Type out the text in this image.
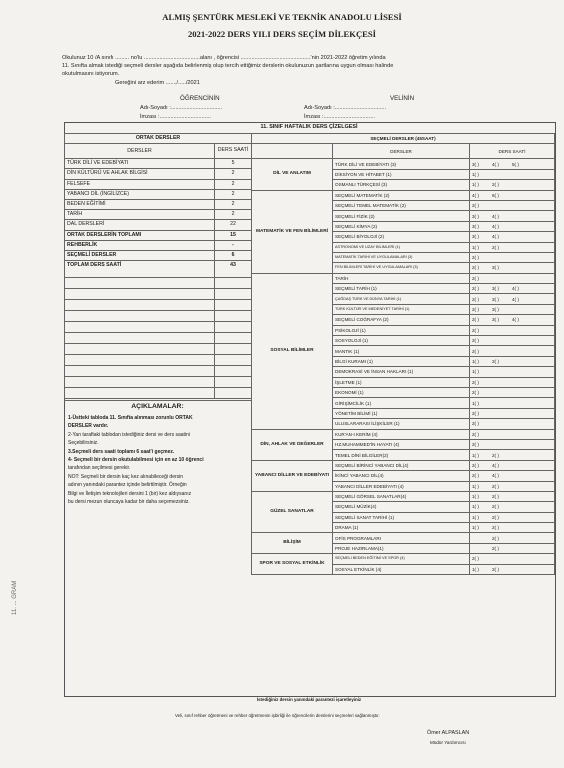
ALMIŞ ŞENTÜRK MESLEKİ VE TEKNİK ANADOLU LİSESİ
2021-2022 DERS YILI DERS SEÇİM DİLEKÇESİ
Okulunuz 10 /A sınıfı ......... no'lu ....................................alanı , öğrencisi .............................................'nin 2021-2022 öğretim yılında
11. Sınıfta almak istediği seçmeli dersler aşağıda belirlenmiş olup tercih ettiğimiz derslerin okulunuzun şartlarına uygun olması halinde
okutulmasını istiyorum.
Gereğini arz ederim ......./...../2021
ÖĞRENCİNİN	VELİNİN
Adı-Soyadı :.................................	Adı-Soyadı :.................................
İmzası :.................................	İmzası :.................................
11. SINIF HAFTALIK DERS ÇİZELGESİ
ORTAK DERSLER	
DERSLER	DERS SAATİ
TÜRK DİLİ VE EDEBİYATI	5
DİN KÜLTÜRÜ VE AHLAK BİLGİSİ	2
FELSEFE	2
YABANCI DİL (İNGİLİZCE)	2
BEDEN EĞİTİMİ	2
TARİH	2
DAL DERSLERİ	22
ORTAK DERSLERİN TOPLAMI	15
REHBERLİK	-
SEÇMELİ DERSLER	6
TOPLAM DERS SAATİ	43

AÇIKLAMALAR:
1-Üstteki tabloda 11. Sınıfta alınması zorunlu ORTAK
DERSLER vardır.
2-Yan taraftaki tablodan istediğiniz dersi ve ders saatini
Seçebilirsiniz.
3.Seçmeli ders saati toplamı 6 saat'i geçmez.
4- Seçmeli bir dersin okutulabilmesi için en az 10 öğrenci
tarafından seçilmesi gerekir.
NOT: Seçmeli bir dersin kaç kez alınabileceği dersin
adının yanındaki parantez içinde belirtilmiştir. Örneğin
Bilgi ve İletişim teknolojileri dersini 1 (bir) kez aldıysanız
bu dersi mezun oluncaya kadar bir daha seçemezsiniz.
SEÇMELİ DERSLER (45SAAT)		
	DERSLER	DERS SAATİ
DİL VE ANLATIM	TÜRK DİLİ VE EDEBİYATI (3)	3( ) 4( ) 5( )
	DİKSİYON VE HİTABET (1)	1( )
	OSMANLI TÜRKÇESİ (3)	1( ) 2( )
MATEMATİK VE FEN BİLİMLERİ	SEÇMELİ MATEMATİK (2)	4( ) 6( )
	SEÇMELİ TEMEL MATEMATİK (2)	2( )
	SEÇMELİ FİZİK (2)	3( ) 4( )
	SEÇMELİ KİMYA (2)	3( ) 4( )
	SEÇMELİ BİYOLOJİ (2)	3( ) 4( )
	ASTRONOMİ VE UZAY BİLİMLERİ (1)	1( ) 2( )
	MATEMATİK TARİHİ VE UYGULAMALARI (3)	2( )
	FEN BİLİMLERİ TARİHİ VE UYGULAMALARI (3)	2( ) 3( )
SOSYAL BİLİMLER	TARİH	2( )
	SEÇMELİ TARİH (1)	2( ) 3( ) 4( )
	ÇAĞDAŞ TÜRK VE DÜNYA TARİHİ (1)	2( ) 3( ) 4( )
	TÜRK KÜLTÜR VE MEDENİYET TARİHİ (1)	2( ) 3( )
	SEÇMELİ COĞRAFYA (2)	2( ) 3( ) 4( )
	PSİKOLOJİ (1)	2( )
	SOSYOLOJİ (1)	2( )
	MANTIK (1)	2( )
	BİLGİ KURAMI (1)	1( ) 2( )
	DEMOKRASİ VE İNSAN HAKLARI (1)	1( )
	İŞLETME (1)	2( )
	EKONOMİ (1)	2( )
	GİRİŞİMCİLİK (1)	1( )
	YÖNETİM BİLİMİ (1)	2( )
	ULUSLARARASI İLİŞKİLER (1)	2( )
DİN, AHLAK VE DEĞERLER	KUR'AN-I KERİM (4)	2( )
	HZ.MUHAMMED'İN HAYATI (4)	2( )
	TEMEL DİNİ BİLGİLER(2)	1( ) 2( )
YABANCI DİLLER VE EDEBİYATI	SEÇMELİ BİRİNCİ YABANCI DİL(4)	2( ) 4( )
	İKİNCİ YABANCI DİL(4)	2( ) 4( )
	YABANCI DİLLER EDEBİYATI (4)	1( ) 2( )
GÜZEL SANATLAR	SEÇMELİ GÖRSEL SANATLAR(4)	1( ) 2( )
	SEÇMELİ MÜZİK(4)	1( ) 2( )
	SEÇMELİ SANAT TARİHİ (1)	1( ) 2( )
	DRAMA (1)	1( ) 2( )
BİLİŞİM	OFİS PROGRAMLARI	2( )
	PROJE HAZIRLAMA(1)	2( )
SPOR VE SOSYAL ETKİNLİK	SEÇMELİ BEDEN EĞİTİMİ VE SPOR (4)	2( )
	SOSYAL ETKİNLİK (4)	1( ) 2( )
İstediğiniz dersin yanındaki parantezi işaretleyiniz
Veli, sınıf rehber öğretmeni ve rehber öğretmenin işbirliği ile öğrencilerin derslerini seçmeleri sağlanmıştır.
Ömer ALPASLAN
Müdür Yardımcısı
11. ... GRAM
